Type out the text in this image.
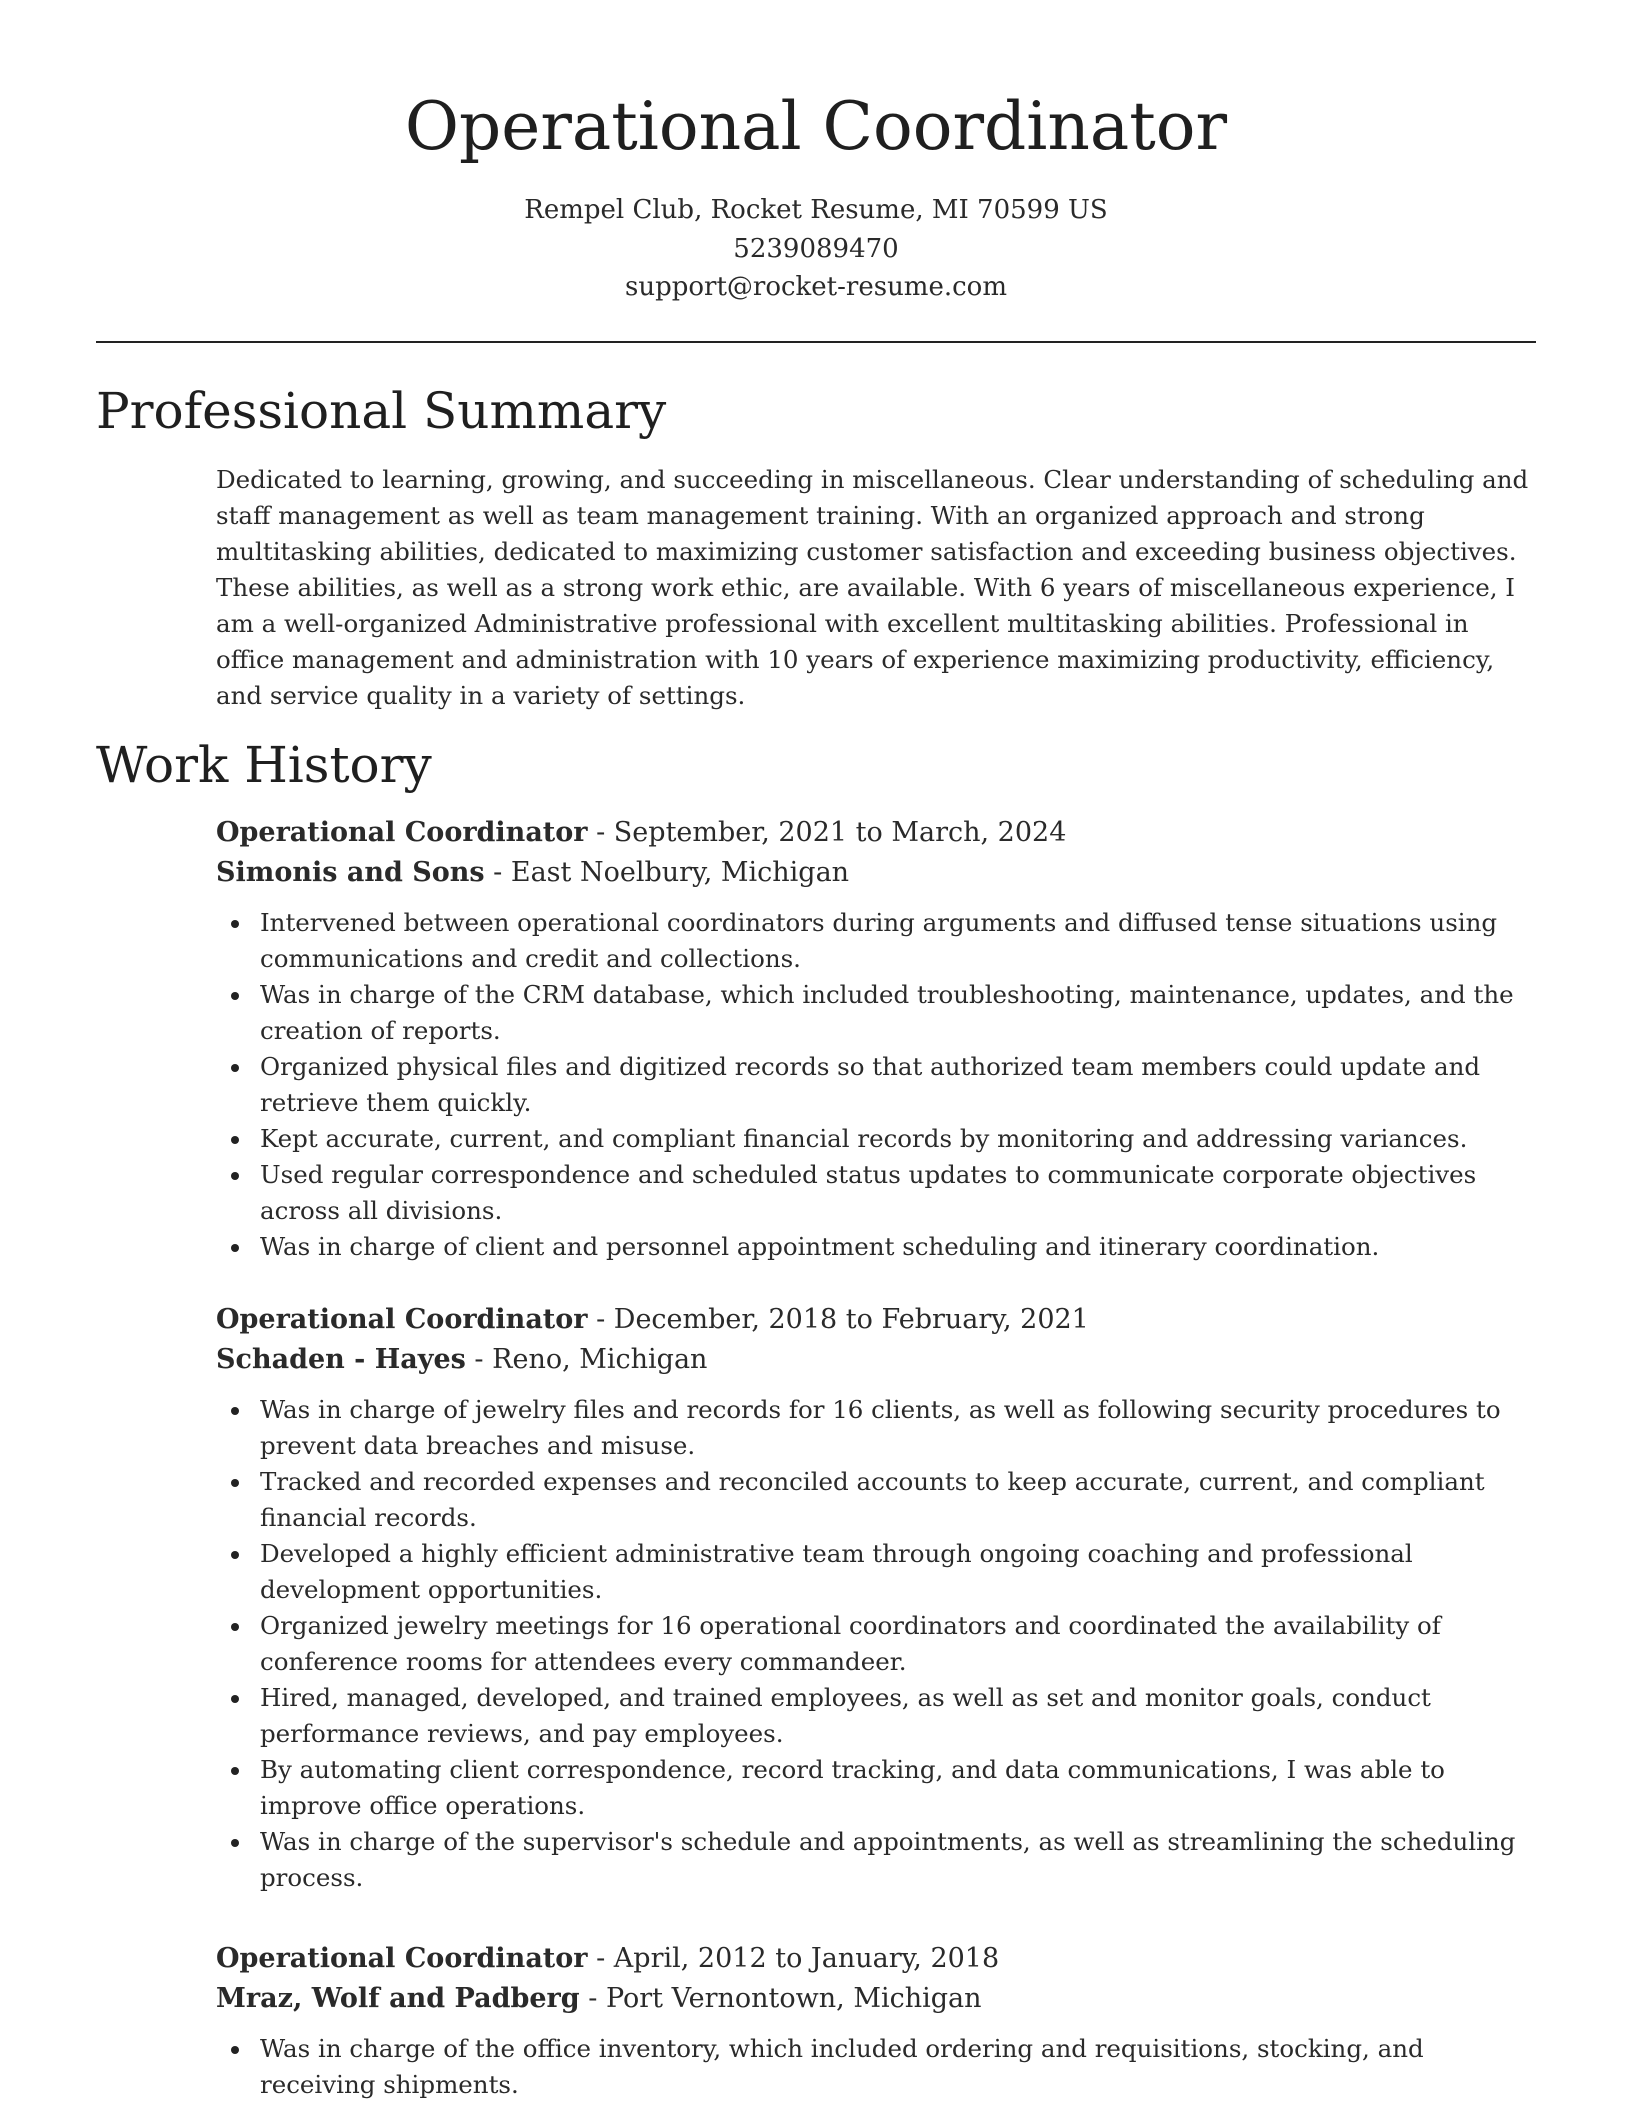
Operational Coordinator
Rempel Club, Rocket Resume, MI 70599 US
5239089470
support@rocket-resume.com
Professional Summary

Dedicated to learning, growing, and succeeding in miscellaneous. Clear understanding of scheduling and staff management as well as team management training. With an organized approach and strong multitasking abilities, dedicated to maximizing customer satisfaction and exceeding business objectives. These abilities, as well as a strong work ethic, are available. With 6 years of miscellaneous experience, I am a well-organized Administrative professional with excellent multitasking abilities. Professional in office management and administration with 10 years of experience maximizing productivity, efficiency, and service quality in a variety of settings.

Work History
Operational Coordinator - September, 2021 to March, 2024
Simonis and Sons - East Noelbury, Michigan
Intervened between operational coordinators during arguments and diffused tense situations using communications and credit and collections.
Was in charge of the CRM database, which included troubleshooting, maintenance, updates, and the creation of reports.
Organized physical files and digitized records so that authorized team members could update and retrieve them quickly.
Kept accurate, current, and compliant financial records by monitoring and addressing variances.
Used regular correspondence and scheduled status updates to communicate corporate objectives across all divisions.
Was in charge of client and personnel appointment scheduling and itinerary coordination.
Operational Coordinator - December, 2018 to February, 2021
Schaden - Hayes - Reno, Michigan
Was in charge of jewelry files and records for 16 clients, as well as following security procedures to prevent data breaches and misuse.
Tracked and recorded expenses and reconciled accounts to keep accurate, current, and compliant financial records.
Developed a highly efficient administrative team through ongoing coaching and professional development opportunities.
Organized jewelry meetings for 16 operational coordinators and coordinated the availability of conference rooms for attendees every commandeer.
Hired, managed, developed, and trained employees, as well as set and monitor goals, conduct performance reviews, and pay employees.
By automating client correspondence, record tracking, and data communications, I was able to improve office operations.
Was in charge of the supervisor's schedule and appointments, as well as streamlining the scheduling process.
Operational Coordinator - April, 2012 to January, 2018
Mraz, Wolf and Padberg - Port Vernontown, Michigan
Was in charge of the office inventory, which included ordering and requisitions, stocking, and receiving shipments.
